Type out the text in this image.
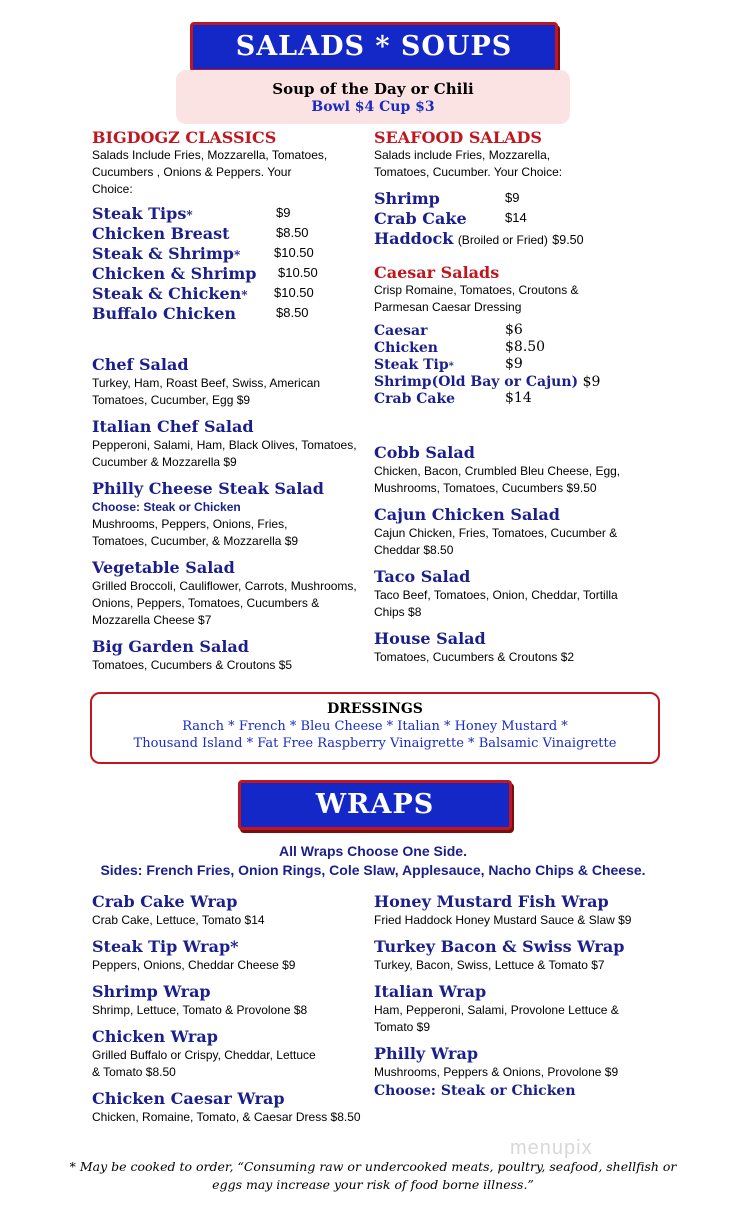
SALADS * SOUPS
Soup of the Day or Chili
Bowl $4 Cup $3
BIGDOGZ CLASSICS
Salads Include Fries, Mozzarella, Tomatoes, Cucumbers , Onions & Peppers. Your Choice:
Steak Tips*	$9
Chicken Breast	$8.50
Steak & Shrimp*	$10.50
Chicken & Shrimp $10.50
Steak & Chicken* $10.50
Buffalo Chicken	$8.50
SEAFOOD SALADS
Salads include Fries, Mozzarella, Tomatoes, Cucumber. Your Choice:
Shrimp	$9
Crab Cake	$14
Haddock (Broiled or Fried) $9.50
Caesar Salads
Crisp Romaine, Tomatoes, Croutons & Parmesan Caesar Dressing
Caesar	$6
Chicken	$8.50
Steak Tip*	$9
Shrimp(Old Bay or Cajun) $9
Crab Cake	$14
Chef Salad
Turkey, Ham, Roast Beef, Swiss, American Tomatoes, Cucumber, Egg $9
Italian Chef Salad
Pepperoni, Salami, Ham, Black Olives, Tomatoes, Cucumber & Mozzarella $9
Philly Cheese Steak Salad
Choose: Steak or Chicken
Mushrooms, Peppers, Onions, Fries, Tomatoes, Cucumber, & Mozzarella $9
Vegetable Salad
Grilled Broccoli, Cauliflower, Carrots, Mushrooms, Onions, Peppers, Tomatoes, Cucumbers & Mozzarella Cheese $7
Big Garden Salad
Tomatoes, Cucumbers & Croutons $5
Cobb Salad
Chicken, Bacon, Crumbled Bleu Cheese, Egg, Mushrooms, Tomatoes, Cucumbers $9.50
Cajun Chicken Salad
Cajun Chicken, Fries, Tomatoes, Cucumber & Cheddar $8.50
Taco Salad
Taco Beef, Tomatoes, Onion, Cheddar, Tortilla Chips $8
House Salad
Tomatoes, Cucumbers & Croutons $2
DRESSINGS
Ranch * French * Bleu Cheese * Italian * Honey Mustard *
Thousand Island * Fat Free Raspberry Vinaigrette * Balsamic Vinaigrette
WRAPS
All Wraps Choose One Side.
Sides: French Fries, Onion Rings, Cole Slaw, Applesauce, Nacho Chips & Cheese.
Crab Cake Wrap
Crab Cake, Lettuce, Tomato $14
Steak Tip Wrap*
Peppers, Onions, Cheddar Cheese $9
Shrimp Wrap
Shrimp, Lettuce, Tomato & Provolone $8
Chicken Wrap
Grilled Buffalo or Crispy, Cheddar, Lettuce & Tomato $8.50
Chicken Caesar Wrap
Chicken, Romaine, Tomato, & Caesar Dress $8.50
Honey Mustard Fish Wrap
Fried Haddock Honey Mustard Sauce & Slaw $9
Turkey Bacon & Swiss Wrap
Turkey, Bacon, Swiss, Lettuce & Tomato $7
Italian Wrap
Ham, Pepperoni, Salami, Provolone Lettuce & Tomato $9
Philly Wrap
Mushrooms, Peppers & Onions, Provolone $9
Choose: Steak or Chicken
menupix
* May be cooked to order, “Consuming raw or undercooked meats, poultry, seafood, shellfish or
eggs may increase your risk of food borne illness.”
